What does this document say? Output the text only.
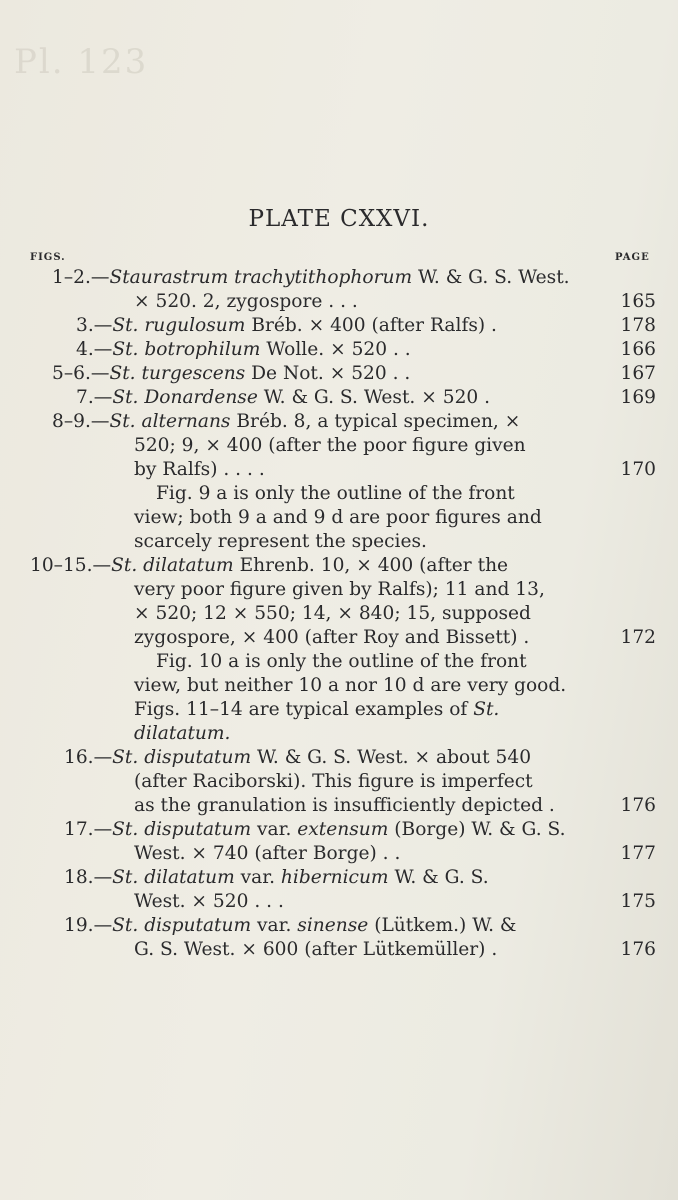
Pl. 123
PLATE CXXVI.
FIGS.	PAGE
1–2.—Staurastrum trachytithophorum W. & G. S. West.
× 520. 2, zygospore . . .	165
3.—St. rugulosum Bréb. × 400 (after Ralfs) .	178
4.—St. botrophilum Wolle. × 520 . .	166
5–6.—St. turgescens De Not. × 520 . .	167
7.—St. Donardense W. & G. S. West. × 520 .	169
8–9.—St. alternans Bréb. 8, a typical specimen, ×
520; 9, × 400 (after the poor figure given
by Ralfs) . . . .	170
Fig. 9 a is only the outline of the front
view; both 9 a and 9 d are poor figures and
scarcely represent the species.
10–15.—St. dilatatum Ehrenb. 10, × 400 (after the
very poor figure given by Ralfs); 11 and 13,
× 520; 12 × 550; 14, × 840; 15, supposed
zygospore, × 400 (after Roy and Bissett) .	172
Fig. 10 a is only the outline of the front
view, but neither 10 a nor 10 d are very good.
Figs. 11–14 are typical examples of St.
dilatatum.
16.—St. disputatum W. & G. S. West. × about 540
(after Raciborski). This figure is imperfect
as the granulation is insufficiently depicted .	176
17.—St. disputatum var. extensum (Borge) W. & G. S.
West. × 740 (after Borge) . .	177
18.—St. dilatatum var. hibernicum W. & G. S.
West. × 520 . . .	175
19.—St. disputatum var. sinense (Lütkem.) W. &
G. S. West. × 600 (after Lütkemüller) .	176
